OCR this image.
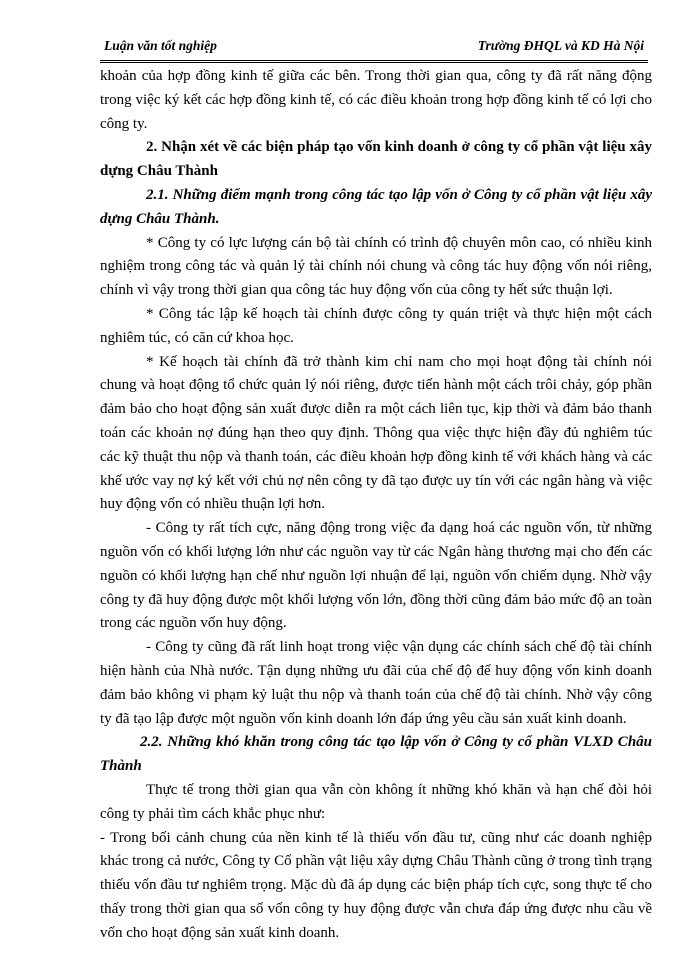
Luận văn tốt nghiệp	Trường ĐHQL và KD Hà Nội

khoản của hợp đồng kinh tế giữa các bên. Trong thời gian qua, công ty đã rất năng động trong việc ký kết các hợp đồng kinh tế, có các điều khoản trong hợp đồng kinh tế có lợi cho công ty.

2. Nhận xét về các biện pháp tạo vốn kinh doanh ở công ty cổ phần vật liệu xây dựng Châu Thành

2.1. Những điểm mạnh trong công tác tạo lập vốn ở Công ty cổ phần vật liệu xây dựng Châu Thành.

* Công ty có lực lượng cán bộ tài chính có trình độ chuyên môn cao, có nhiều kinh nghiệm trong công tác và quản lý tài chính nói chung và công tác huy động vốn nói riêng, chính vì vậy trong thời gian qua công tác huy động vốn của công ty hết sức thuận lợi.

* Công tác lập kế hoạch tài chính được công ty quán triệt và thực hiện một cách nghiêm túc, có căn cứ khoa học.

* Kế hoạch tài chính đã trở thành kim chỉ nam cho mọi hoạt động tài chính nói chung và hoạt động tổ chức quản lý nói riêng, được tiến hành một cách trôi chảy, góp phần đảm bảo cho hoạt động sản xuất được diễn ra một cách liên tục, kịp thời và đảm bảo thanh toán các khoản nợ đúng hạn theo quy định. Thông qua việc thực hiện đầy đủ nghiêm túc các kỹ thuật thu nộp và thanh toán, các điều khoản hợp đồng kinh tế với khách hàng và các khế ước vay nợ ký kết với chủ nợ nên công ty đã tạo được uy tín với các ngân hàng và việc huy động vốn có nhiều thuận lợi hơn.

- Công ty rất tích cực, năng động trong việc đa dạng hoá các nguồn vốn, từ những nguồn vốn có khối lượng lớn như các nguồn vay từ các Ngân hàng thương mại cho đến các nguồn có khối lượng hạn chế như nguồn lợi nhuận để lại, nguồn vốn chiếm dụng. Nhờ vậy công ty đã huy động được một khối lượng vốn lớn, đồng thời cũng đảm bảo mức độ an toàn trong các nguồn vốn huy động.

- Công ty cũng đã rất linh hoạt trong việc vận dụng các chính sách chế độ tài chính hiện hành của Nhà nước. Tận dụng những ưu đãi của chế độ để huy động vốn kinh doanh đảm bảo không vi phạm kỷ luật thu nộp và thanh toán của chế độ tài chính. Nhờ vậy công ty đã tạo lập được một nguồn vốn kinh doanh lớn đáp ứng yêu cầu sản xuất kinh doanh.

2.2. Những khó khăn trong công tác tạo lập vốn ở Công ty cổ phần VLXD Châu Thành

Thực tế trong thời gian qua vẫn còn không ít những khó khăn và hạn chế đòi hỏi công ty phải tìm cách khắc phục như:

- Trong bối cảnh chung của nền kinh tế là thiếu vốn đầu tư, cũng như các doanh nghiệp khác trong cả nước, Công ty Cổ phần vật liệu xây dựng Châu Thành cũng ở trong tình trạng thiếu vốn đầu tư nghiêm trọng. Mặc dù đã áp dụng các biện pháp tích cực, song thực tế cho thấy trong thời gian qua số vốn công ty huy động được vẫn chưa đáp ứng được nhu cầu về vốn cho hoạt động sản xuất kinh doanh.
